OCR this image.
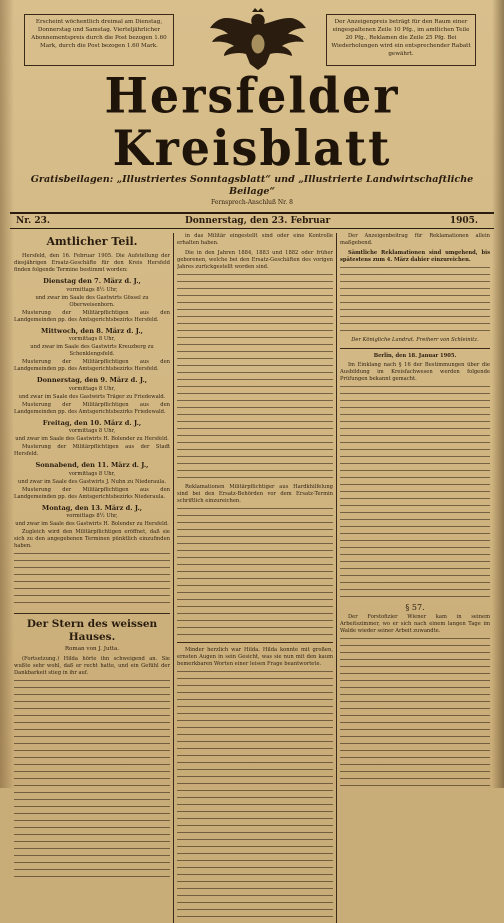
Erscheint wöchentlich dreimal am Dienstag, Donnerstag und Samstag. Vierteljährlicher Abonnementspreis durch die Post bezogen 1.60 Mark, durch die Post bezogen 1.60 Mark.
Der Anzeigenpreis beträgt für den Raum einer eingespaltenen Zeile 10 Pfg., im amtlichen Teile 20 Pfg., Reklamen die Zeile 25 Pfg. Bei Wiederholungen wird ein entsprechender Rabatt gewährt.
Hersfelder Kreisblatt
Gratisbeilagen: „Illustriertes Sonntagsblatt“ und „Illustrierte Landwirtschaftliche Beilage“
Fernsprech-Anschluß Nr. 8
Nr. 23.	Donnerstag, den 23. Februar	1905.
Amtlicher Teil.

Hersfeld, den 16. Februar 1905. Die Aufstellung der diesjährigen Ersatz-Geschäfte für den Kreis Hersfeld finden folgende Termine bestimmt worden:

Dienstag den 7. März d. J.,
vormittags 8½ Uhr,
und zwar im Saale des Gastwirts Gössel zu Oberweisenborn.

Musterung der Militärpflichtigen aus den Landgemeinden pp. des Amtsgerichtsbezirks Hersfeld.

Mittwoch, den 8. März d. J.,
vormittags 8 Uhr,
und zwar im Saale des Gastwirts Kreuzberg zu Schenklengsfeld.

Musterung der Militärpflichtigen aus den Landgemeinden pp. des Amtsgerichtsbezirks Hersfeld.

Donnerstag, den 9. März d. J.,
vormittags 8 Uhr,
und zwar im Saale des Gastwirts Träger zu Friedewald.

Musterung der Militärpflichtigen aus den Landgemeinden pp. des Amtsgerichtsbezirks Friedewald.

Freitag, den 10. März d. J.,
vormittags 8 Uhr,
und zwar im Saale des Gastwirts H. Bolender zu Hersfeld.

Musterung der Militärpflichtigen aus der Stadt Hersfeld.

Sonnabend, den 11. März d. J.,
vormittags 8 Uhr,
und zwar im Saale des Gastwirts J. Nuhn zu Niederaula.

Musterung der Militärpflichtigen aus den Landgemeinden pp. des Amtsgerichtsbezirks Niederaula.

Montag, den 13. März d. J.,
vormittags 8½ Uhr,
und zwar im Saale des Gastwirts H. Bolender zu Hersfeld.

Zugleich wird den Militärpflichtigen eröffnet, daß sie sich zu den angegebenen Terminen pünktlich einzufinden haben.

Der Stern des weissen Hauses.
Roman von J. Jutta.

(Fortsetzung.) Hilda hörte ihn schweigend an. Sie wußte sehr wohl, daß er recht hatte, und ein Gefühl der Dankbarkeit stieg in ihr auf.

in das Militär eingestellt sind oder eine Kontrolle erhalten haben.

Die in den Jahren 1884, 1883 und 1882 oder früher geborenen, welche bei den Ersatz-Geschäften des vorigen Jahres zurückgestellt worden sind.

Reklamationen Militärpflichtiger aus Hardkhilfelung sind bei den Ersatz-Behörden vor dem Ersatz-Termin schriftlich einzureichen.

Minder herzlich war Hilda. Hilda konnte mit großen, ernsten Augen in sein Gesicht, was sie nun mit den kaum bemerkbaren Worten einer leisen Frage beantwortete.

Der Anzeigenbeitrag für Reklamationen allein maßgebend.

Sämtliche Reklamationen sind umgehend, bis spätestens zum 4. März dahier einzureichen.

Der Königliche Landrat. Freiherr von Schleinitz.
Berlin, den 18. Januar 1905.

Im Einklang nach § 16 der Bestimmungen über die Ausbildung im Kreisfachwesen werden folgende Prüfungen bekannt gemacht.

§ 57.

Der Forstofizier Wiener kam in seinem Arbeitszimmer, wo er sich nach einem langen Tage im Walde wieder seiner Arbeit zuwandte.
